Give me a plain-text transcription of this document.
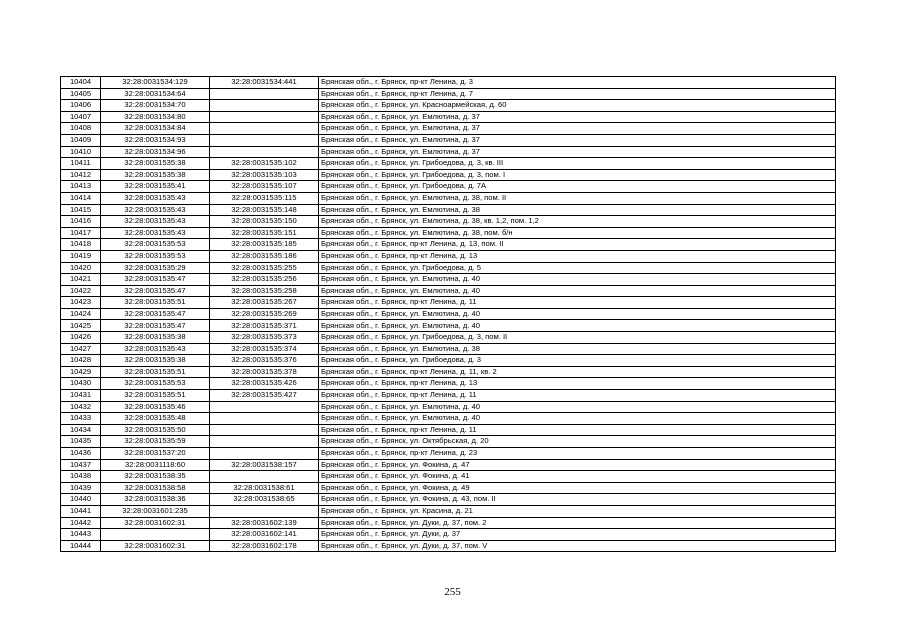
10404	32:28:0031534:129	32:28:0031534:441	Брянская обл., г. Брянск, пр-кт Ленина, д. 3
10405	32:28:0031534:64		Брянская обл., г. Брянск, пр-кт Ленина, д. 7
10406	32:28:0031534:70		Брянская обл., г. Брянск, ул. Красноармейская, д. 60
10407	32:28:0031534:80		Брянская обл., г. Брянск, ул. Емлютина, д. 37
10408	32:28:0031534:84		Брянская обл., г. Брянск, ул. Емлютина, д. 37
10409	32:28:0031534:93		Брянская обл., г. Брянск, ул. Емлютина, д. 37
10410	32:28:0031534:96		Брянская обл., г. Брянск, ул. Емлютина, д. 37
10411	32:28:0031535:38	32:28:0031535:102	Брянская обл., г. Брянск, ул. Грибоедова, д. 3, кв. III
10412	32:28:0031535:38	32:28:0031535:103	Брянская обл., г. Брянск, ул. Грибоедова, д. 3, пом. I
10413	32:28:0031535:41	32:28:0031535:107	Брянская обл., г. Брянск, ул. Грибоедова, д. 7А
10414	32:28:0031535:43	32:28:0031535:115	Брянская обл., г. Брянск, ул. Емлютина, д. 38, пом. II
10415	32:28:0031535:43	32:28:0031535:148	Брянская обл., г. Брянск, ул. Емлютина, д. 38
10416	32:28:0031535:43	32:28:0031535:150	Брянская обл., г. Брянск, ул. Емлютина, д. 38, кв. 1,2, пом. 1,2
10417	32:28:0031535:43	32:28:0031535:151	Брянская обл., г. Брянск, ул. Емлютина, д. 38, пом. б/н
10418	32:28:0031535:53	32:28:0031535:185	Брянская обл., г. Брянск, пр-кт Ленина, д. 13, пом. II
10419	32:28:0031535:53	32:28:0031535:186	Брянская обл., г. Брянск, пр-кт Ленина, д. 13
10420	32:28:0031535:29	32:28:0031535:255	Брянская обл., г. Брянск, ул. Грибоедова, д. 5
10421	32:28:0031535:47	32:28:0031535:256	Брянская обл., г. Брянск, ул. Емлютина, д. 40
10422	32:28:0031535:47	32:28:0031535:258	Брянская обл., г. Брянск, ул. Емлютина, д. 40
10423	32:28:0031535:51	32:28:0031535:267	Брянская обл., г. Брянск, пр-кт Ленина, д. 11
10424	32:28:0031535:47	32:28:0031535:269	Брянская обл., г. Брянск, ул. Емлютина, д. 40
10425	32:28:0031535:47	32:28:0031535:371	Брянская обл., г. Брянск, ул. Емлютина, д. 40
10426	32:28:0031535:38	32:28:0031535:373	Брянская обл., г. Брянск, ул. Грибоедова, д. 3, пом. II
10427	32:28:0031535:43	32:28:0031535:374	Брянская обл., г. Брянск, ул. Емлютина, д. 38
10428	32:28:0031535:38	32:28:0031535:376	Брянская обл., г. Брянск, ул. Грибоедова, д. 3
10429	32:28:0031535:51	32:28:0031535:378	Брянская обл., г. Брянск, пр-кт Ленина, д. 11, кв. 2
10430	32:28:0031535:53	32:28:0031535:426	Брянская обл., г. Брянск, пр-кт Ленина, д. 13
10431	32:28:0031535:51	32:28:0031535:427	Брянская обл., г. Брянск, пр-кт Ленина, д. 11
10432	32:28:0031535:46		Брянская обл., г. Брянск, ул. Емлютина, д. 40
10433	32:28:0031535:48		Брянская обл., г. Брянск, ул. Емлютина, д. 40
10434	32:28:0031535:50		Брянская обл., г. Брянск, пр-кт Ленина, д. 11
10435	32:28:0031535:59		Брянская обл., г. Брянск, ул. Октябрьская, д. 20
10436	32:28:0031537:20		Брянская обл., г. Брянск, пр-кт Ленина, д. 23
10437	32:28:0031118:60	32:28:0031538:157	Брянская обл., г. Брянск, ул. Фокина, д. 47
10438	32:28:0031538:35		Брянская обл., г. Брянск, ул. Фокина, д. 41
10439	32:28:0031538:58	32:28:0031538:61	Брянская обл., г. Брянск, ул. Фокина, д. 49
10440	32:28:0031538:36	32:28:0031538:65	Брянская обл., г. Брянск, ул. Фокина, д. 43, пом. II
10441	32:28:0031601:235		Брянская обл., г. Брянск, ул. Красина, д. 21
10442	32:28:0031602:31	32:28:0031602:139	Брянская обл., г. Брянск, ул. Дуки, д. 37, пом. 2
10443		32:28:0031602:141	Брянская обл., г. Брянск, ул. Дуки, д. 37
10444	32:28:0031602:31	32:28:0031602:178	Брянская обл., г. Брянск, ул. Дуки, д. 37, пом. V
255
